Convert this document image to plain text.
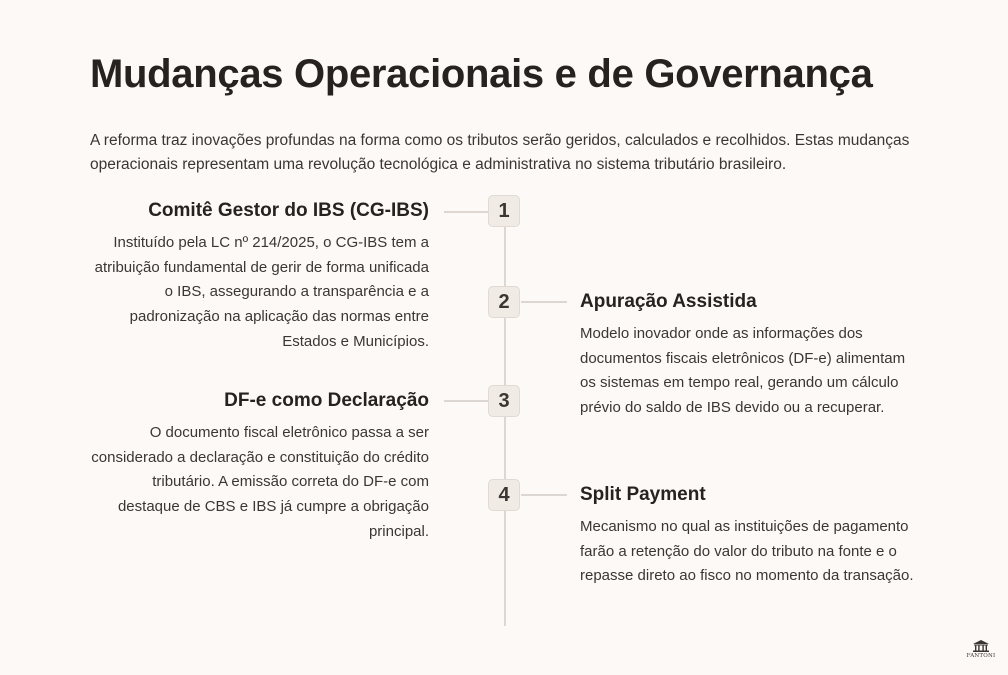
Mudanças Operacionais e de Governança

A reforma traz inovações profundas na forma como os tributos serão geridos, calculados e recolhidos. Estas mudanças operacionais representam uma revolução tecnológica e administrativa no sistema tributário brasileiro.

1
Comitê Gestor do IBS (CG-IBS)

Instituído pela LC nº 214/2025, o CG-IBS tem a atribuição fundamental de gerir de forma unificada o IBS, assegurando a transparência e a padronização na aplicação das normas entre Estados e Municípios.

2	Apuração Assistida

Modelo inovador onde as informações dos documentos fiscais eletrônicos (DF-e) alimentam os sistemas em tempo real, gerando um cálculo prévio do saldo de IBS devido ou a recuperar.

3
DF-e como Declaração

O documento fiscal eletrônico passa a ser considerado a declaração e constituição do crédito tributário. A emissão correta do DF-e com destaque de CBS e IBS já cumpre a obrigação principal.

4	Split Payment

Mecanismo no qual as instituições de pagamento farão a retenção do valor do tributo na fonte e o repasse direto ao fisco no momento da transação.

FANTONI
